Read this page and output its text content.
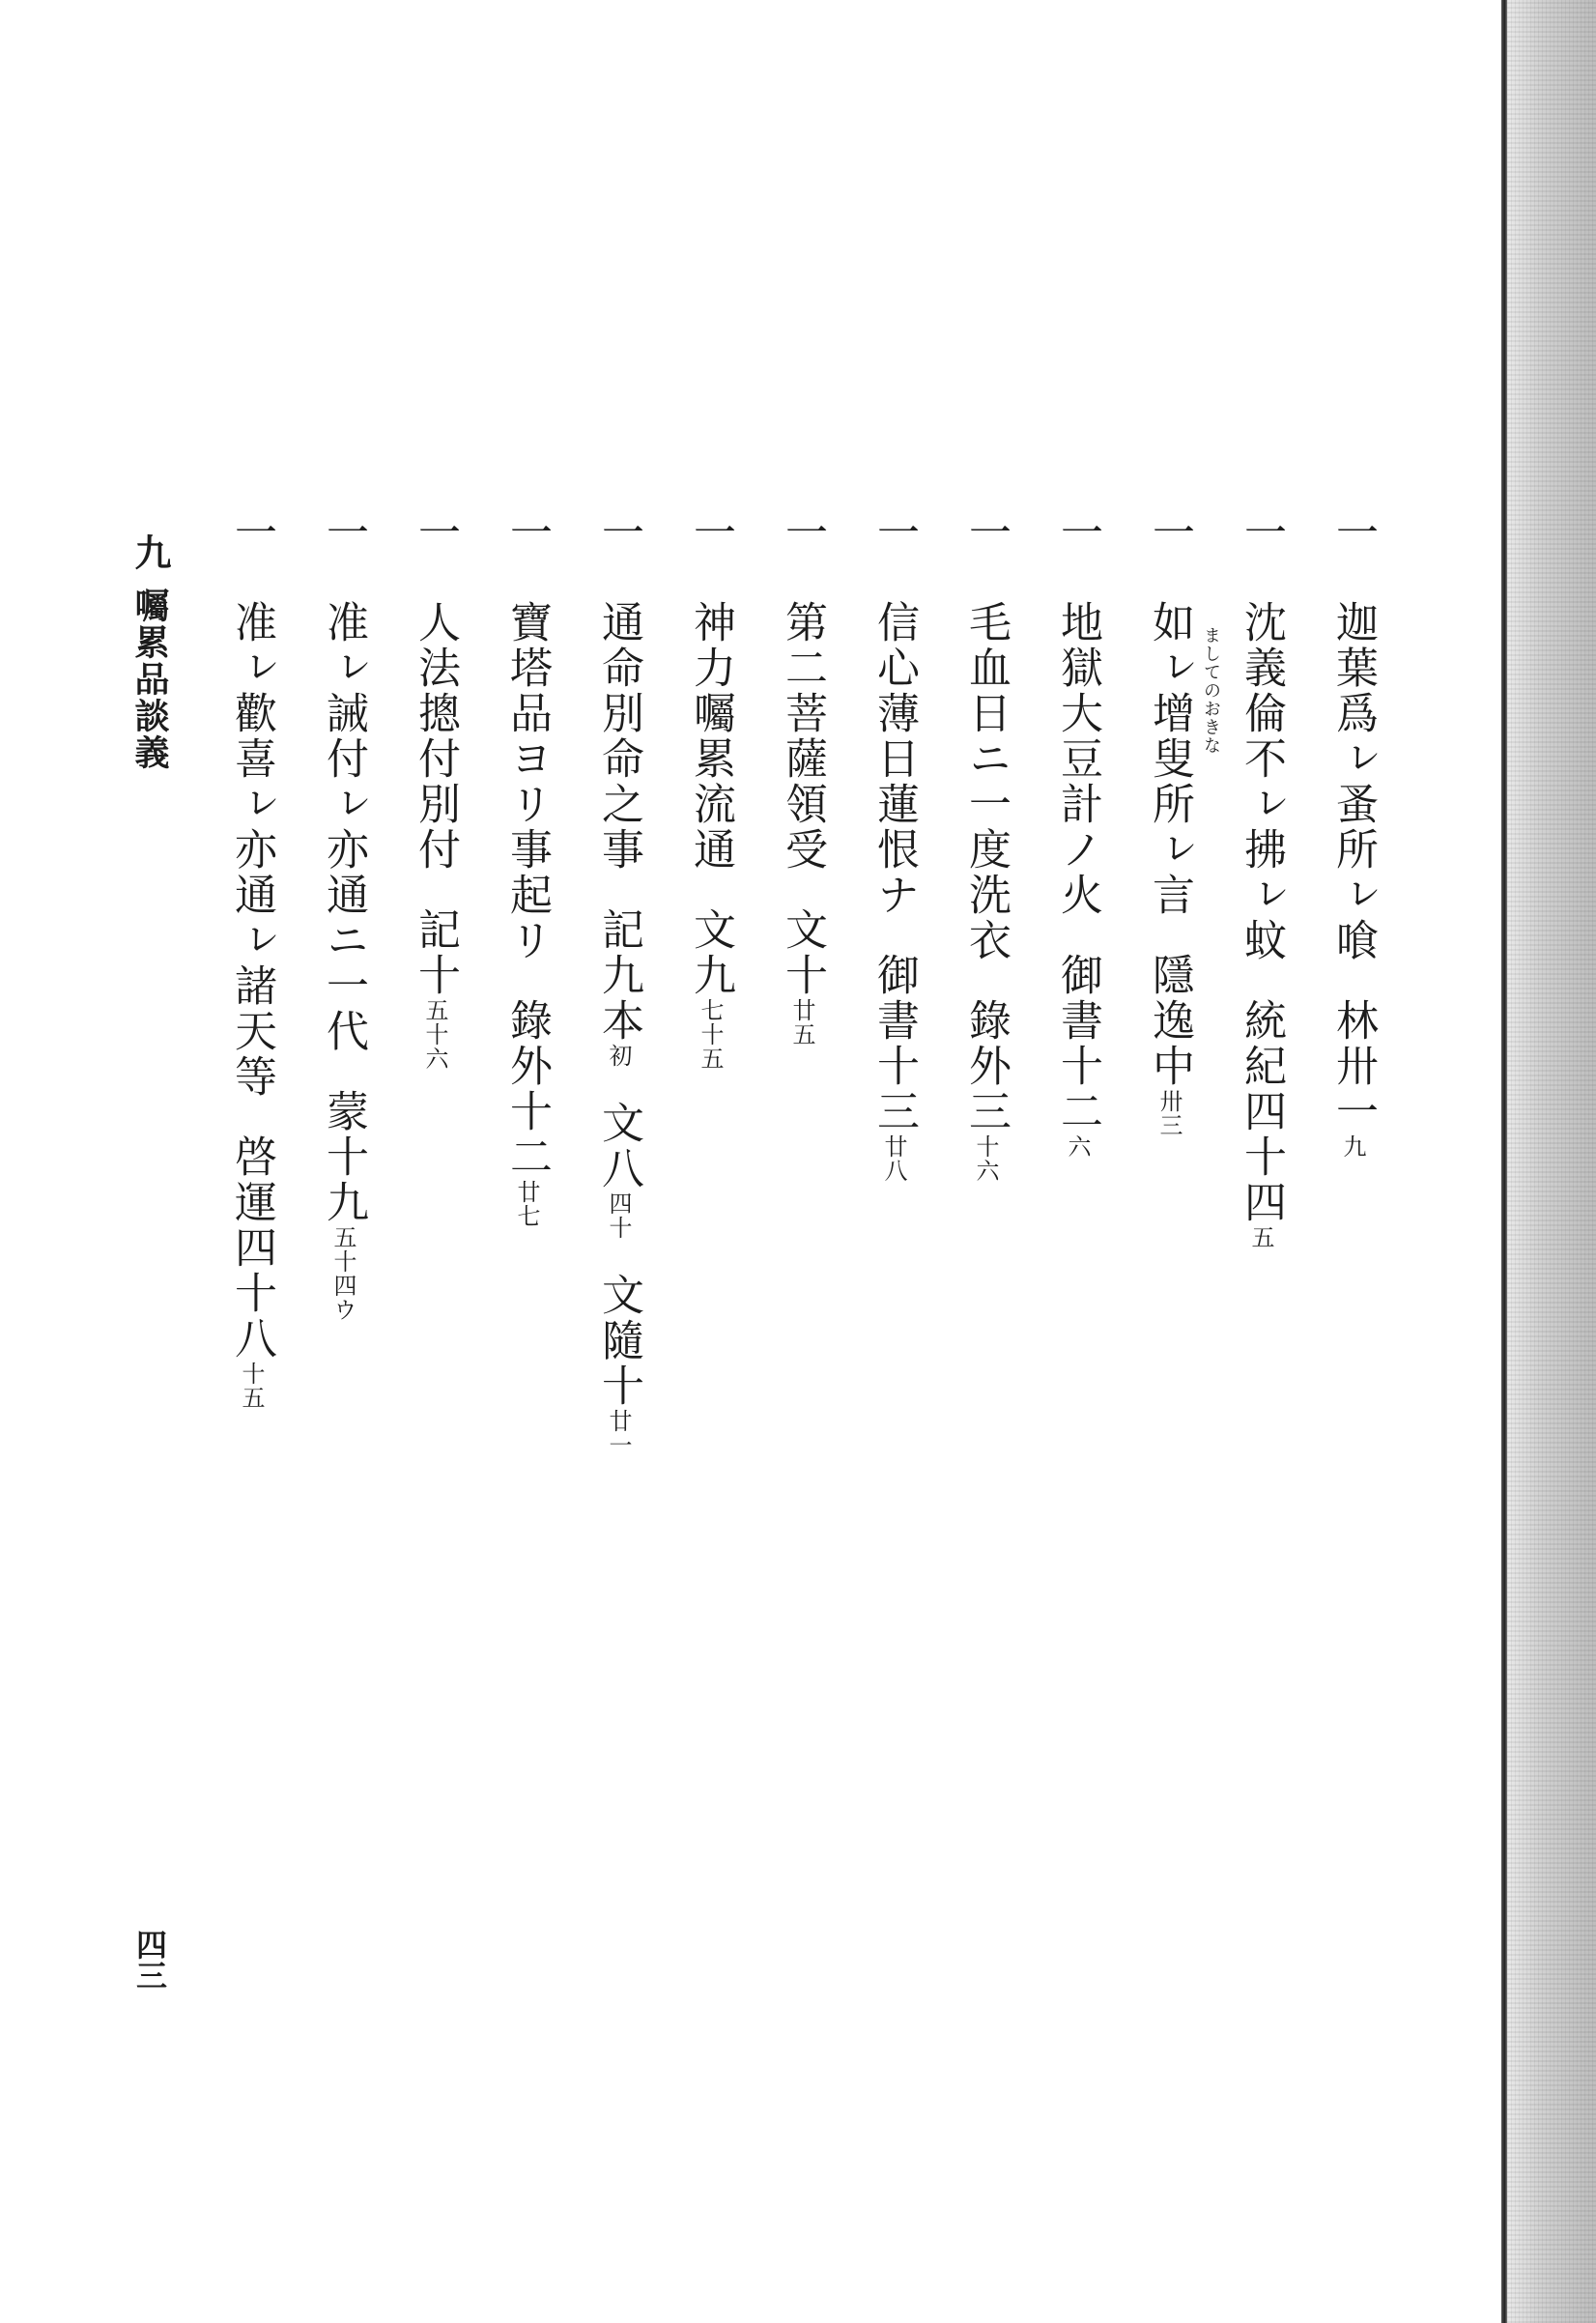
一迦葉爲ㇾ蚤所ㇾ喰林卅一九
一沈義倫不ㇾ拂ㇾ蚊統紀四十四五
ましてのおきな
一如ㇾ增叟所ㇾ言隱逸中卅三
一地獄大豆計ノ火御書十二六
一毛血日ニ一度洗衣錄外三十六
一信心薄日蓮恨ナ御書十三廿八
一第二菩薩領受文十廿五
一神力囑累流通文九七十五
一通命別命之事記九本初文八四十文隨十廿一
一寶塔品ヨリ事起リ錄外十二廿七
一人法摠付別付記十五十六
一准ㇾ誡付ㇾ亦通ニ一代蒙十九五十四ウ
一准ㇾ歡喜ㇾ亦通ㇾ諸天等啓運四十八十五
九
囑累品談義
四三
